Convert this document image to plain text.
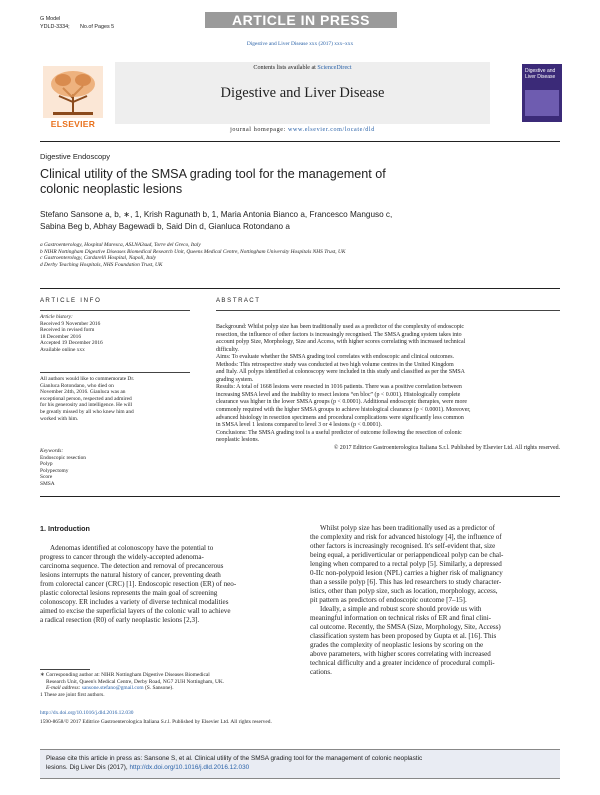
G Model
YDLD-3334; No.of Pages 5	ARTICLE IN PRESS
Digestive and Liver Disease xxx (2017) xxx–xxx
ELSEVIER
Contents lists available at ScienceDirect
Digestive and Liver Disease
journal homepage: www.elsevier.com/locate/dld
Digestive and Liver Disease
Digestive Endoscopy
Clinical utility of the SMSA grading tool for the management of
colonic neoplastic lesions
Stefano Sansone a, b, ∗, 1, Krish Ragunath b, 1, Maria Antonia Bianco a, Francesco Manguso c,
Sabina Beg b, Abhay Bagewadi b, Said Din d, Gianluca Rotondano a
a Gastroenterology, Hospital Maresca, ASLNA3sud, Torre del Greco, Italy
b NIHR Nottingham Digestive Diseases Biomedical Research Unit, Queens Medical Centre, Nottingham University Hospitals NHS Trust, UK
c Gastroenterology, Cardarelli Hospital, Napoli, Italy
d Derby Teaching Hospitals, NHS Foundation Trust, UK
A R T I C L E   I N F O
Article history:
Received 9 November 2016
Received in revised form
18 December 2016
Accepted 19 December 2016
Available online xxx
All authors would like to commemorate Dr.
Gianluca Rotondano, who died on
November 24th, 2016. Gianluca was an
exceptional person, respected and admired
for his generosity and intelligence. He will
be greatly missed by all who knew him and
worked with him.
Keywords:
Endoscopic resection
Polyp
Polypectomy
Score
SMSA
A B S T R A C T
Background: Whilst polyp size has been traditionally used as a predictor of the complexity of endoscopic
resection, the influence of other factors is increasingly recognised. The SMSA grading system takes into
account polyp Size, Morphology, Size and Access, with higher scores correlating with increased technical
difficulty.
Aims: To evaluate whether the SMSA grading tool correlates with endoscopic and clinical outcomes.
Methods: This retrospective study was conducted at two high volume centres in the United Kingdom
and Italy. All polyps identified at colonoscopy were included in this study and classified as per the SMSA
grading system.
Results: A total of 1668 lesions were resected in 1016 patients. There was a positive correlation between
increasing SMSA level and the inability to resect lesions “en bloc” (p < 0.001). Histologically complete
clearance was higher in the lower SMSA groups (p < 0.0001). Additional endoscopic therapies, were more
commonly required with the higher SMSA groups to achieve histological clearance (p < 0.0001). Moreover,
advanced histology in resection specimens and procedural complications were significantly less common
in SMSA level 1 lesions compared to level 3 or 4 lesions (p < 0.0001).
Conclusions: The SMSA grading tool is a useful predictor of outcome following the resection of colonic
neoplastic lesions.
© 2017 Editrice Gastroenterologica Italiana S.r.l. Published by Elsevier Ltd. All rights reserved.
1. Introduction
Adenomas identified at colonoscopy have the potential to
progress to cancer through the widely-accepted adenoma-
carcinoma sequence. The detection and removal of precancerous
lesions interrupts the natural history of cancer, preventing death
from colorectal cancer (CRC) [1]. Endoscopic resection (ER) of neo-
plastic colorectal lesions represents the main goal of screening
colonoscopy. ER includes a variety of diverse technical modalities
aimed to excise the superficial layers of the colonic wall to achieve
a radical resection (R0) of early neoplastic lesions [2,3].
Whilst polyp size has been traditionally used as a predictor of
the complexity and risk for advanced histology [4], the influence of
other factors is increasingly recognised. It's self-evident that, size
being equal, a peridiverticular or periappendiceal polyp can be chal-
lenging when compared to a rectal polyp [5]. Similarly, a depressed
0-IIc non-polypoid lesion (NPL) carries a higher risk of malignancy
than a sessile polyp [6]. This has led researchers to study character-
istics, other than polyp size, such as location, morphology, access,
pit pattern as predictors of endoscopic outcome [7–15].
Ideally, a simple and robust score should provide us with
meaningful information on technical risks of ER and final clini-
cal outcome. Recently, the SMSA (Size, Morphology, Site, Access)
classification system has been proposed by Gupta et al. [16]. This
grades the complexity of neoplastic lesions by scoring on the
above parameters, with higher scores correlating with increased
technical difficulty and a greater incidence of procedural compli-
cations.
∗ Corresponding author at: NIHR Nottingham Digestive Diseases Biomedical
Research Unit, Queen's Medical Centre, Derby Road, NG7 2UH Nottingham, UK.
E-mail address: sansone.stefano@gmail.com (S. Sansone).
1 These are joint first authors.
http://dx.doi.org/10.1016/j.dld.2016.12.030
1590-8658/© 2017 Editrice Gastroenterologica Italiana S.r.l. Published by Elsevier Ltd. All rights reserved.
Please cite this article in press as: Sansone S, et al. Clinical utility of the SMSA grading tool for the management of colonic neoplastic
lesions. Dig Liver Dis (2017), http://dx.doi.org/10.1016/j.dld.2016.12.030
